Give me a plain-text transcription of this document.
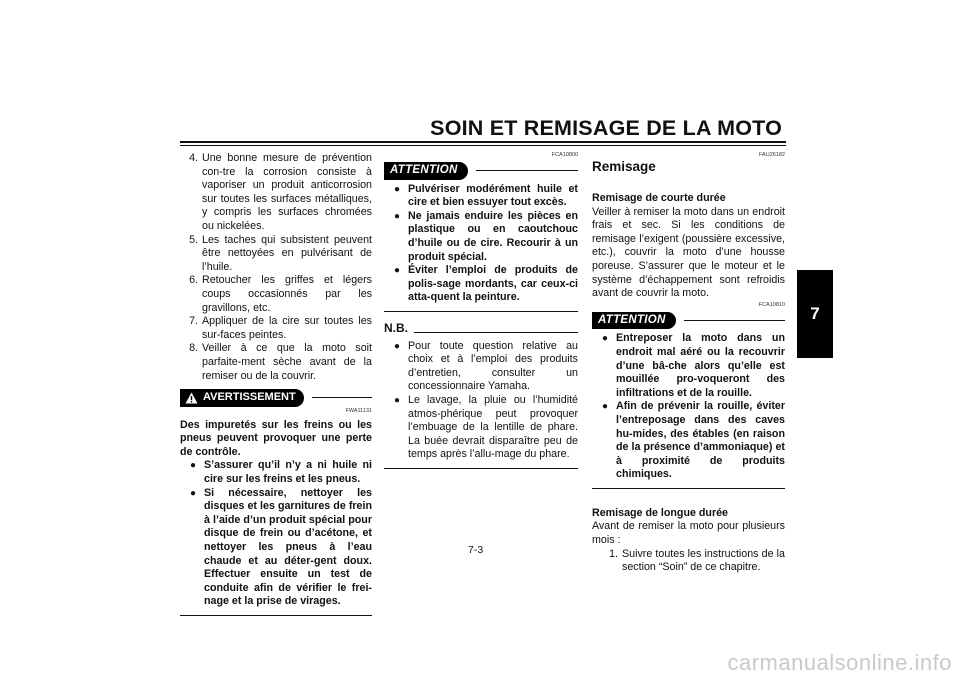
SOIN ET REMISAGE DE LA MOTO
7
4. Une bonne mesure de prévention con-tre la corrosion consiste à vaporiser un produit anticorrosion sur toutes les surfaces métalliques, y compris les surfaces chromées ou nickelées.
5. Les taches qui subsistent peuvent être nettoyées en pulvérisant de l’huile.
6. Retoucher les griffes et légers coups occasionnés par les gravillons, etc.
7. Appliquer de la cire sur toutes les sur-faces peintes.
8. Veiller à ce que la moto soit parfaite-ment sèche avant de la remiser ou de la couvrir.
AVERTISSEMENT
FWA11131

Des impuretés sur les freins ou les pneus peuvent provoquer une perte de contrôle.

● S’assurer qu’il n’y a ni huile ni cire sur les freins et les pneus.
● Si nécessaire, nettoyer les disques et les garnitures de frein à l’aide d’un produit spécial pour disque de frein ou d’acétone, et nettoyer les pneus à l’eau chaude et au déter-gent doux. Effectuer ensuite un test de conduite afin de vérifier le frei-nage et la prise de virages.
FCA10800
ATTENTION
● Pulvériser modérément huile et cire et bien essuyer tout excès.
● Ne jamais enduire les pièces en plastique ou en caoutchouc d’huile ou de cire. Recourir à un produit spécial.
● Éviter l’emploi de produits de polis-sage mordants, car ceux-ci atta-quent la peinture.
N.B.
● Pour toute question relative au choix et à l’emploi des produits d’entretien, consulter un concessionnaire Yamaha.
● Le lavage, la pluie ou l’humidité atmos-phérique peut provoquer l’embuage de la lentille de phare. La buée devrait disparaître peu de temps après l’allu-mage du phare.
FAU26182
Remisage
Remisage de courte durée

Veiller à remiser la moto dans un endroit frais et sec. Si les conditions de remisage l’exigent (poussière excessive, etc.), couvrir la moto d’une housse poreuse. S’assurer que le moteur et le système d’échappement sont refroidis avant de couvrir la moto.

FCA10810
ATTENTION
● Entreposer la moto dans un endroit mal aéré ou la recouvrir d’une bâ-che alors qu’elle est mouillée pro-voqueront des infiltrations et de la rouille.
● Afin de prévenir la rouille, éviter l’entreposage dans des caves hu-mides, des étables (en raison de la présence d’ammoniaque) et à proximité de produits chimiques.
Remisage de longue durée

Avant de remiser la moto pour plusieurs mois :

1. Suivre toutes les instructions de la section “Soin” de ce chapitre.
7-3
carmanualsonline.info
